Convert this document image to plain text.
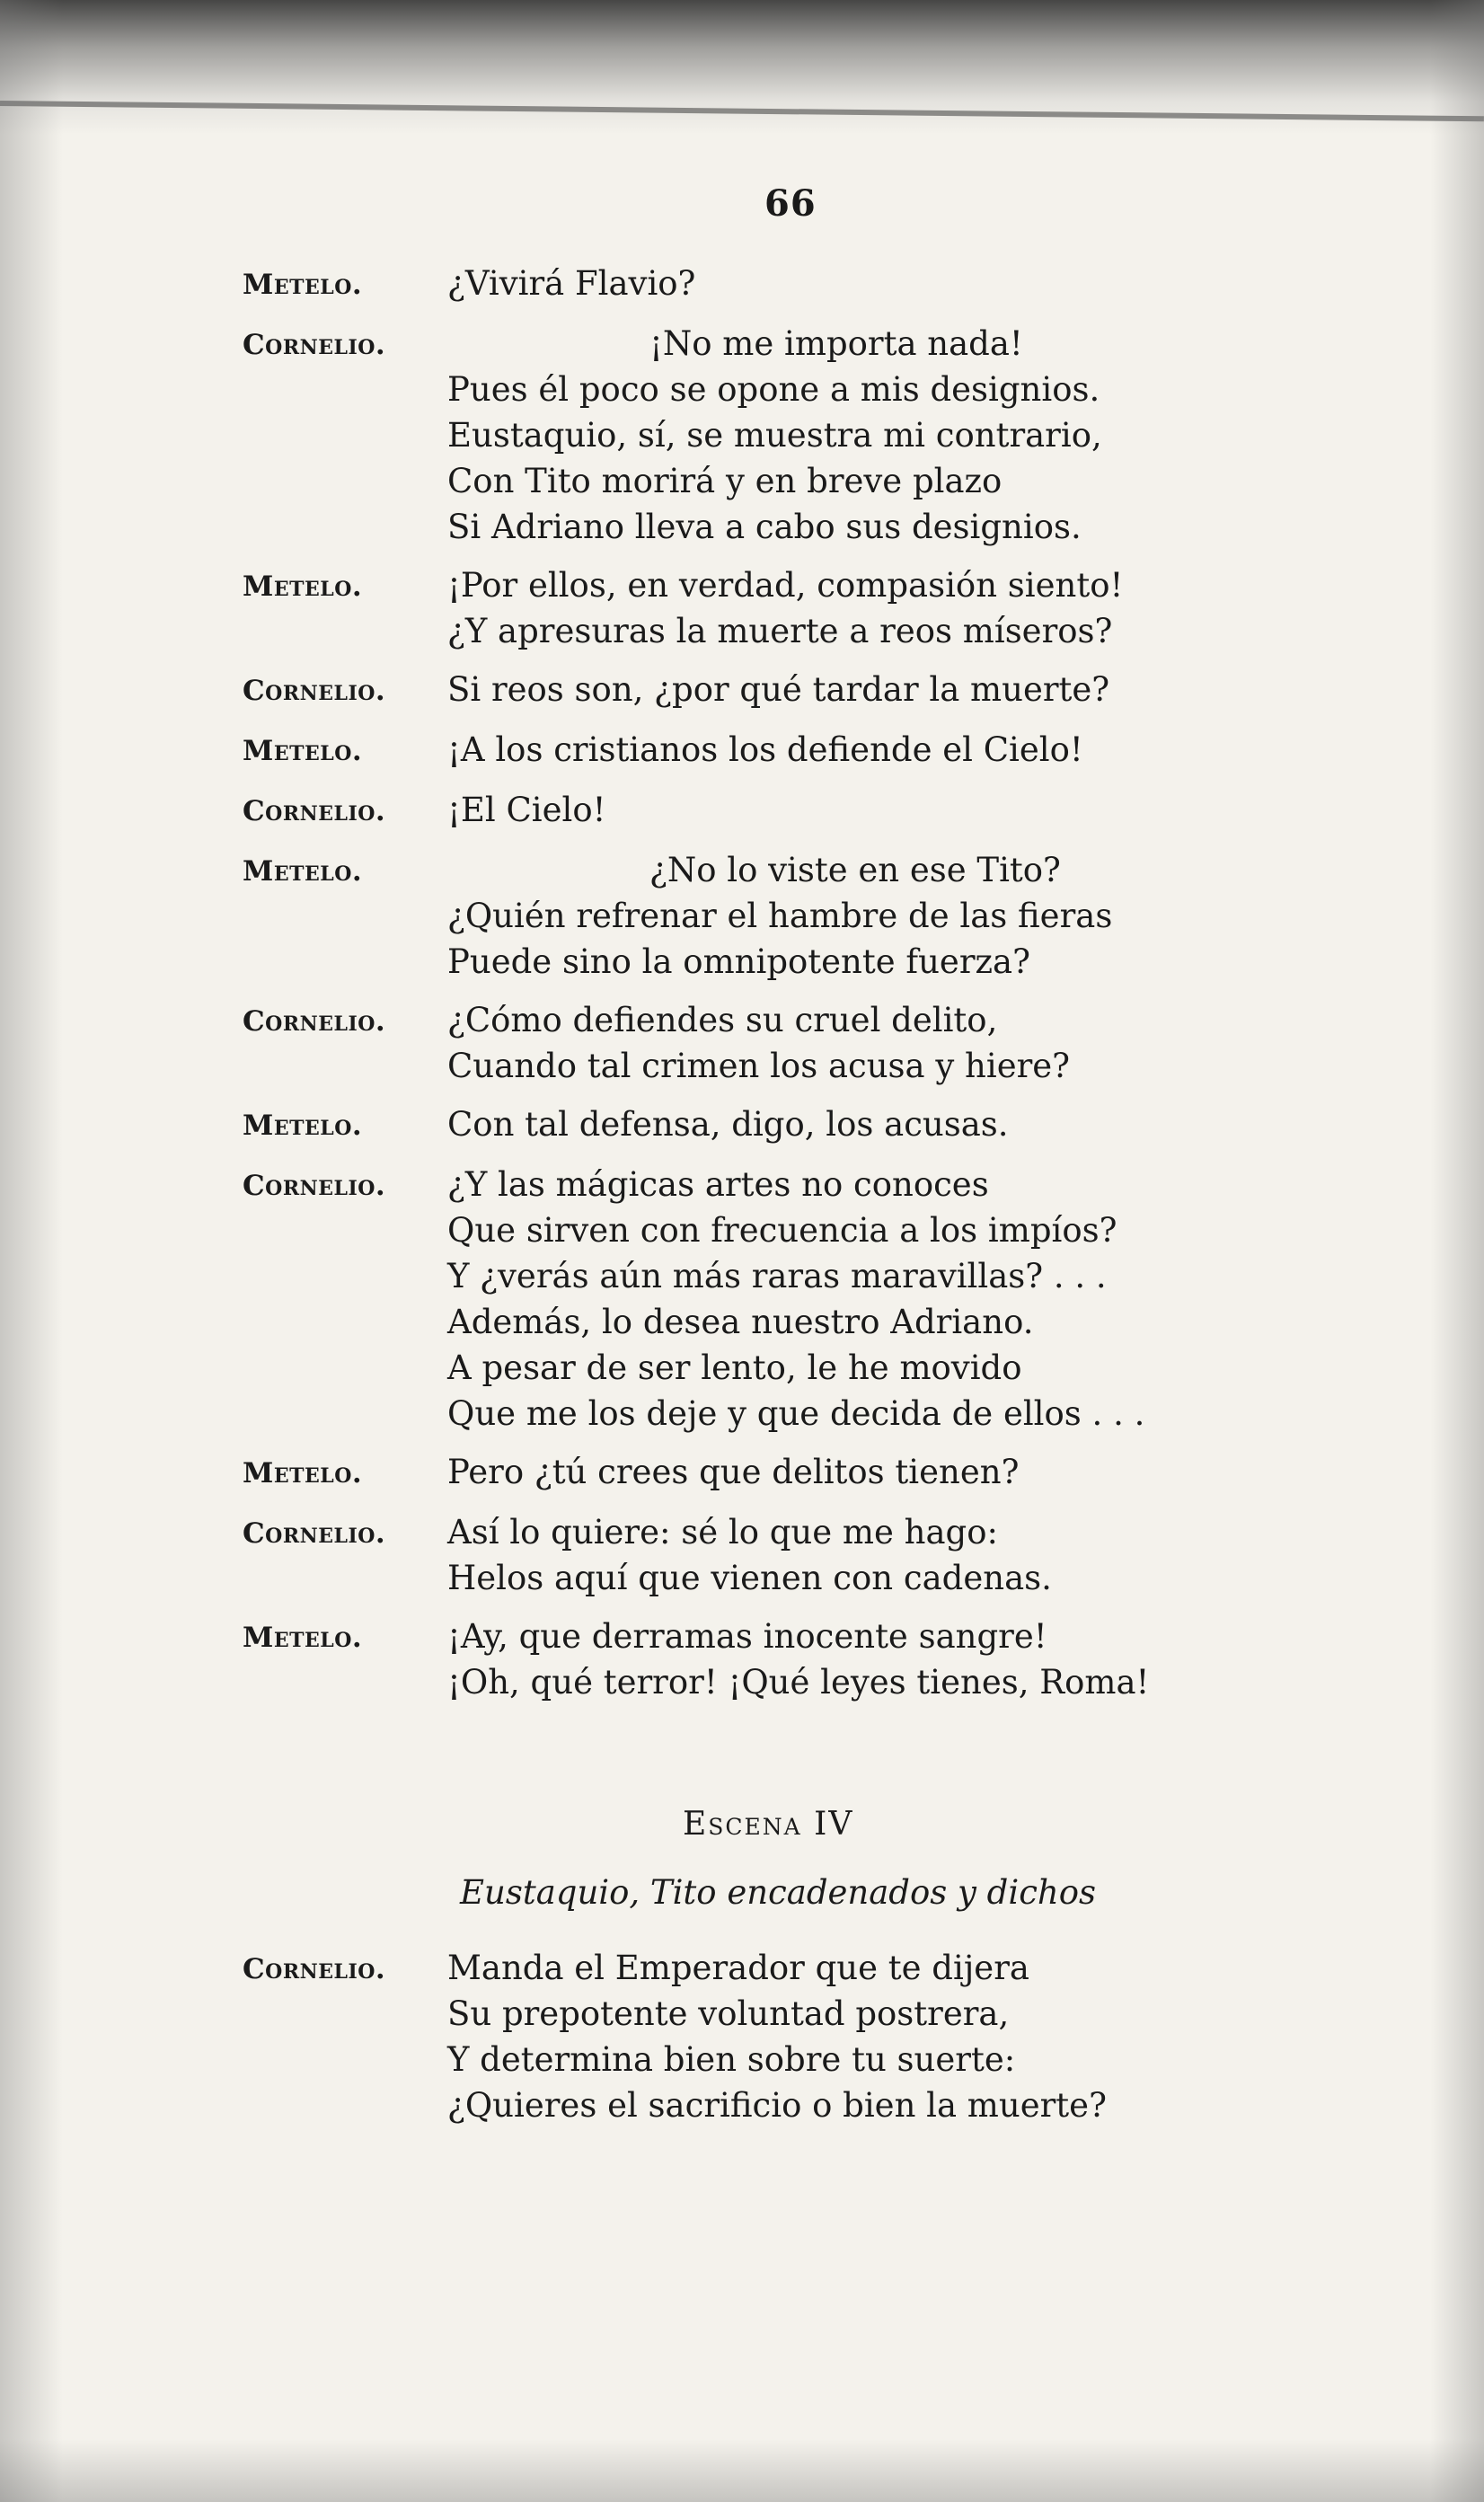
66
Metelo.	¿Vivirá Flavio?
Cornelio.	¡No me importa nada!
Pues él poco se opone a mis designios.
Eustaquio, sí, se muestra mi contrario,
Con Tito morirá y en breve plazo
Si Adriano lleva a cabo sus designios.
Metelo.	¡Por ellos, en verdad, compasión siento!
¿Y apresuras la muerte a reos míseros?
Cornelio.	Si reos son, ¿por qué tardar la muerte?
Metelo.	¡A los cristianos los defiende el Cielo!
Cornelio.	¡El Cielo!
Metelo.	¿No lo viste en ese Tito?
¿Quién refrenar el hambre de las fieras
Puede sino la omnipotente fuerza?
Cornelio.	¿Cómo defiendes su cruel delito,
Cuando tal crimen los acusa y hiere?
Metelo.	Con tal defensa, digo, los acusas.
Cornelio.	¿Y las mágicas artes no conoces
Que sirven con frecuencia a los impíos?
Y ¿verás aún más raras maravillas? . . .
Además, lo desea nuestro Adriano.
A pesar de ser lento, le he movido
Que me los deje y que decida de ellos . . .
Metelo.	Pero ¿tú crees que delitos tienen?
Cornelio.	Así lo quiere: sé lo que me hago:
Helos aquí que vienen con cadenas.
Metelo.	¡Ay, que derramas inocente sangre!
¡Oh, qué terror! ¡Qué leyes tienes, Roma!
Escena IV
Eustaquio, Tito encadenados y dichos
Cornelio.	Manda el Emperador que te dijera
Su prepotente voluntad postrera,
Y determina bien sobre tu suerte:
¿Quieres el sacrificio o bien la muerte?
